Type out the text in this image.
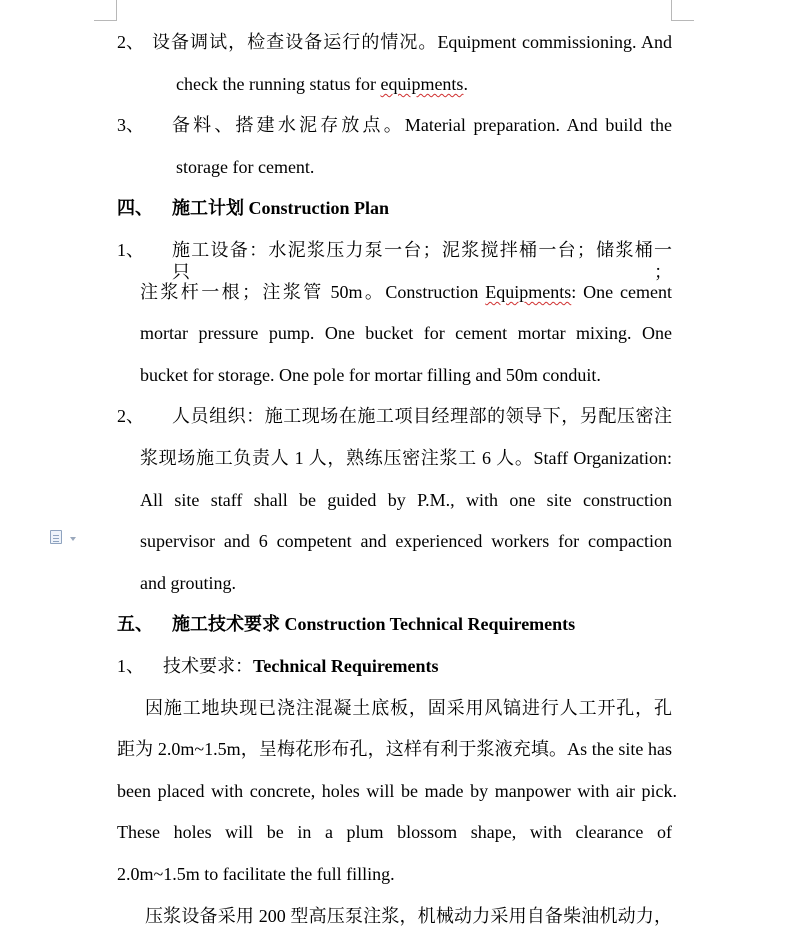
2、 设备调试，检查设备运行的情况。Equipment commissioning. And
check the running status for equipments.
3、 备料、搭建水泥存放点。Material preparation. And build the
storage for cement.
四、 施工计划 Construction Plan
1、 施工设备：水泥浆压力泵一台；泥浆搅拌桶一台；储浆桶一只；
注浆杆一根；注浆管 50m。Construction Equipments: One cement
mortar pressure pump. One bucket for cement mortar mixing. One
bucket for storage. One pole for mortar filling and 50m conduit.
2、 人员组织：施工现场在施工项目经理部的领导下，另配压密注
浆现场施工负责人 1 人，熟练压密注浆工 6 人。Staff Organization:
All site staff shall be guided by P.M., with one site construction
supervisor and 6 competent and experienced workers for compaction
and grouting.
五、 施工技术要求 Construction Technical Requirements
1、 技术要求：Technical Requirements
因施工地块现已浇注混凝土底板，固采用风镐进行人工开孔，孔
距为 2.0m~1.5m，呈梅花形布孔，这样有利于浆液充填。As the site has
been placed with concrete, holes will be made by manpower with air pick.
These holes will be in a plum blossom shape, with clearance of
2.0m~1.5m to facilitate the full filling.
压浆设备采用 200 型高压泵注浆，机械动力采用自备柴油机动力，
